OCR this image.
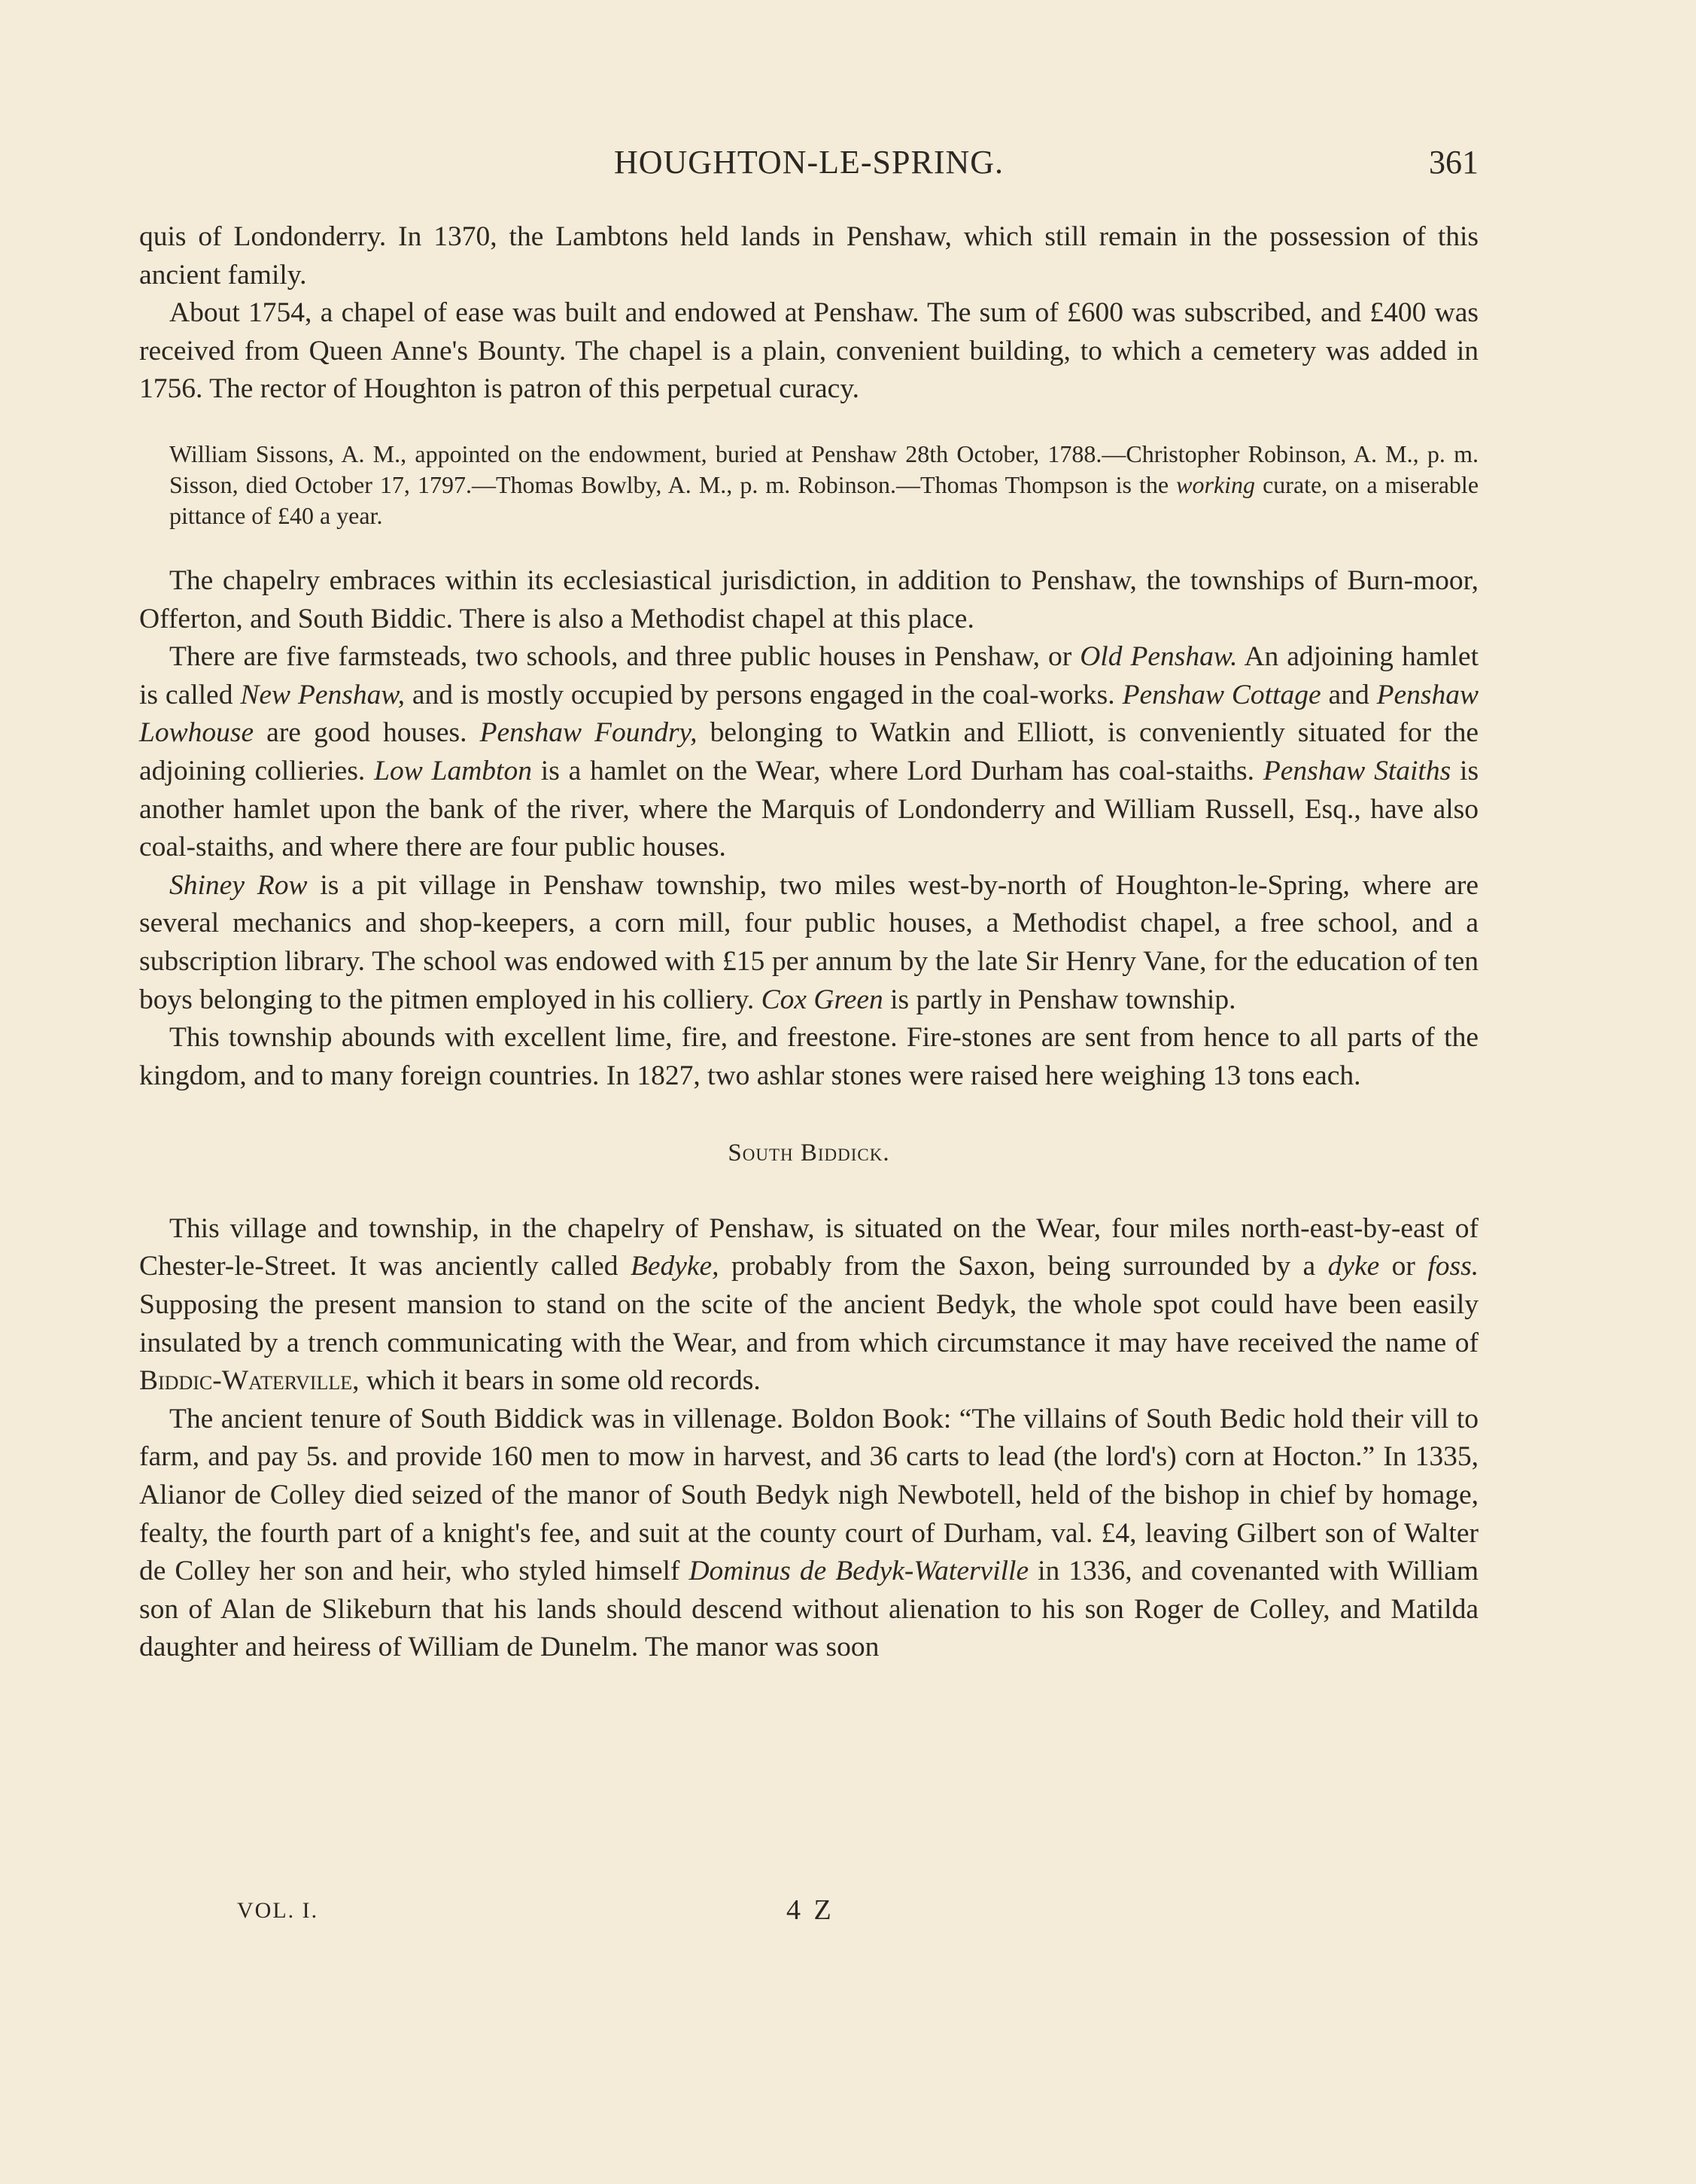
HOUGHTON-LE-SPRING.	361

quis of Londonderry. In 1370, the Lambtons held lands in Penshaw, which still remain in the possession of this ancient family.

About 1754, a chapel of ease was built and endowed at Penshaw. The sum of £600 was subscribed, and £400 was received from Queen Anne's Bounty. The chapel is a plain, convenient building, to which a cemetery was added in 1756. The rector of Houghton is patron of this perpetual curacy.

William Sissons, A. M., appointed on the endowment, buried at Penshaw 28th October, 1788.—Christopher Robinson, A. M., p. m. Sisson, died October 17, 1797.—Thomas Bowlby, A. M., p. m. Robinson.—Thomas Thompson is the working curate, on a miserable pittance of £40 a year.

The chapelry embraces within its ecclesiastical jurisdiction, in addition to Penshaw, the townships of Burn-moor, Offerton, and South Biddic. There is also a Methodist chapel at this place.

There are five farmsteads, two schools, and three public houses in Penshaw, or Old Penshaw. An adjoining hamlet is called New Penshaw, and is mostly occupied by persons engaged in the coal-works. Penshaw Cottage and Penshaw Lowhouse are good houses. Penshaw Foundry, belonging to Watkin and Elliott, is conveniently situated for the adjoining collieries. Low Lambton is a hamlet on the Wear, where Lord Durham has coal-staiths. Penshaw Staiths is another hamlet upon the bank of the river, where the Marquis of Londonderry and William Russell, Esq., have also coal-staiths, and where there are four public houses.

Shiney Row is a pit village in Penshaw township, two miles west-by-north of Houghton-le-Spring, where are several mechanics and shop-keepers, a corn mill, four public houses, a Methodist chapel, a free school, and a subscription library. The school was endowed with £15 per annum by the late Sir Henry Vane, for the education of ten boys belonging to the pitmen employed in his colliery. Cox Green is partly in Penshaw township.

This township abounds with excellent lime, fire, and freestone. Fire-stones are sent from hence to all parts of the kingdom, and to many foreign countries. In 1827, two ashlar stones were raised here weighing 13 tons each.

South Biddick.

This village and township, in the chapelry of Penshaw, is situated on the Wear, four miles north-east-by-east of Chester-le-Street. It was anciently called Bedyke, probably from the Saxon, being surrounded by a dyke or foss. Supposing the present mansion to stand on the scite of the ancient Bedyk, the whole spot could have been easily insulated by a trench communicating with the Wear, and from which circumstance it may have received the name of Biddic-Waterville, which it bears in some old records.

The ancient tenure of South Biddick was in villenage. Boldon Book: “The villains of South Bedic hold their vill to farm, and pay 5s. and provide 160 men to mow in harvest, and 36 carts to lead (the lord's) corn at Hocton.” In 1335, Alianor de Colley died seized of the manor of South Bedyk nigh Newbotell, held of the bishop in chief by homage, fealty, the fourth part of a knight's fee, and suit at the county court of Durham, val. £4, leaving Gilbert son of Walter de Colley her son and heir, who styled himself Dominus de Bedyk-Waterville in 1336, and covenanted with William son of Alan de Slikeburn that his lands should descend without alienation to his son Roger de Colley, and Matilda daughter and heiress of William de Dunelm. The manor was soon

VOL. I.	4 Z
